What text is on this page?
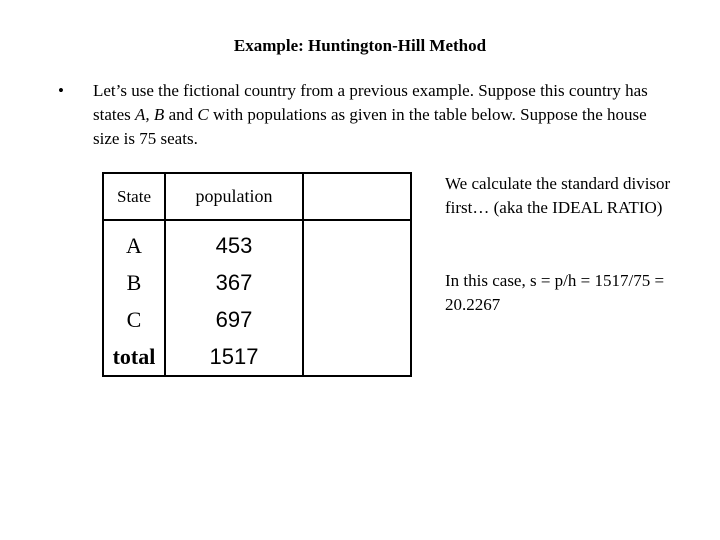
Example: Huntington-Hill Method
• Let’s use the fictional country from a previous example. Suppose this country has states A, B and C with populations as given in the table below. Suppose the house size is 75 seats.
State	population	
A	453	
B	367	
C	697	
total	1517	
We calculate the standard divisor first… (aka the IDEAL RATIO)
In this case, s = p/h = 1517/75 = 20.2267
